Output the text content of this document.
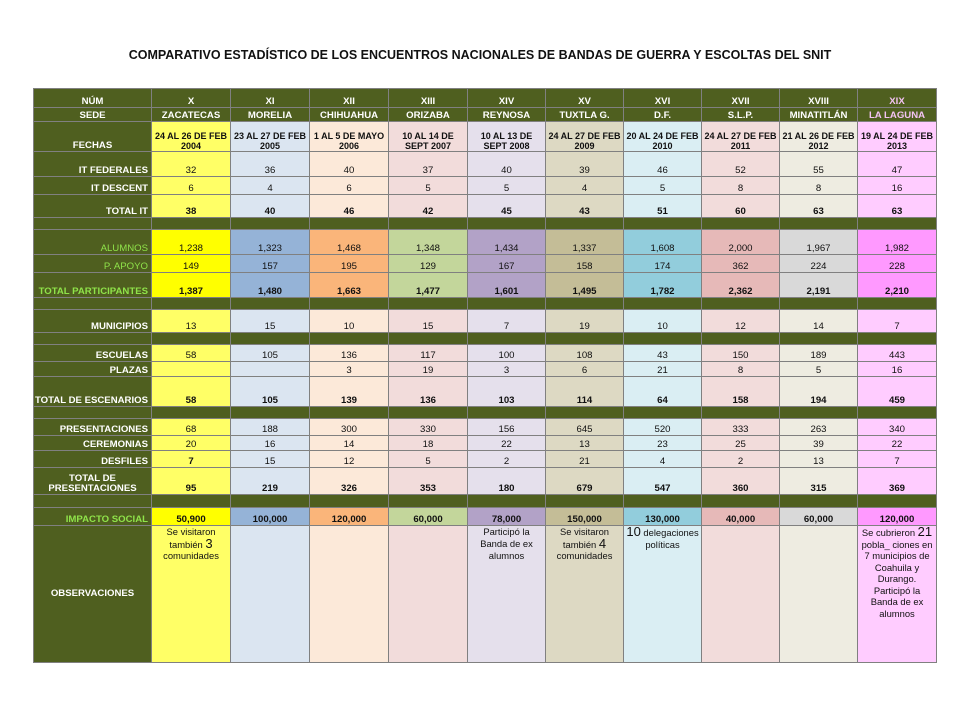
COMPARATIVO ESTADÍSTICO DE LOS ENCUENTROS NACIONALES DE BANDAS DE GUERRA Y ESCOLTAS DEL SNIT
NÚM	X	XI	XII	XIII	XIV	XV	XVI	XVII	XVIII	XIX
SEDE	ZACATECAS	MORELIA	CHIHUAHUA	ORIZABA	REYNOSA	TUXTLA G.	D.F.	S.L.P.	MINATITLÁN	LA LAGUNA
FECHAS	24 AL 26 DE FEB 2004	23 AL 27 DE FEB 2005	1 AL 5 DE MAYO 2006	10 AL 14 DE SEPT 2007	10 AL 13 DE SEPT 2008	24 AL 27 DE FEB 2009	20 AL 24 DE FEB 2010	24 AL 27 DE FEB 2011	21 AL 26 DE FEB 2012	19 AL 24 DE FEB 2013
IT FEDERALES	32	36	40	37	40	39	46	52	55	47
IT DESCENT	6	4	6	5	5	4	5	8	8	16
TOTAL IT	38	40	46	42	45	43	51	60	63	63

ALUMNOS	1,238	1,323	1,468	1,348	1,434	1,337	1,608	2,000	1,967	1,982
P. APOYO	149	157	195	129	167	158	174	362	224	228
TOTAL PARTICIPANTES	1,387	1,480	1,663	1,477	1,601	1,495	1,782	2,362	2,191	2,210

MUNICIPIOS	13	15	10	15	7	19	10	12	14	7

ESCUELAS	58	105	136	117	100	108	43	150	189	443
PLAZAS			3	19	3	6	21	8	5	16
TOTAL DE ESCENARIOS	58	105	139	136	103	114	64	158	194	459

PRESENTACIONES	68	188	300	330	156	645	520	333	263	340
CEREMONIAS	20	16	14	18	22	13	23	25	39	22
DESFILES	7	15	12	5	2	21	4	2	13	7
TOTAL DE PRESENTACIONES	95	219	326	353	180	679	547	360	315	369

IMPACTO SOCIAL	50,900	100,000	120,000	60,000	78,000	150,000	130,000	40,000	60,000	120,000
OBSERVACIONES	Se visitaron también 3 comunidades				Participó la Banda de ex alumnos	Se visitaron también 4 comunidades	10 delegaciones políticas			Se cubrieron 21 pobla_ ciones en 7 municipios de Coahuila y Durango. Participó la Banda de ex alumnos
